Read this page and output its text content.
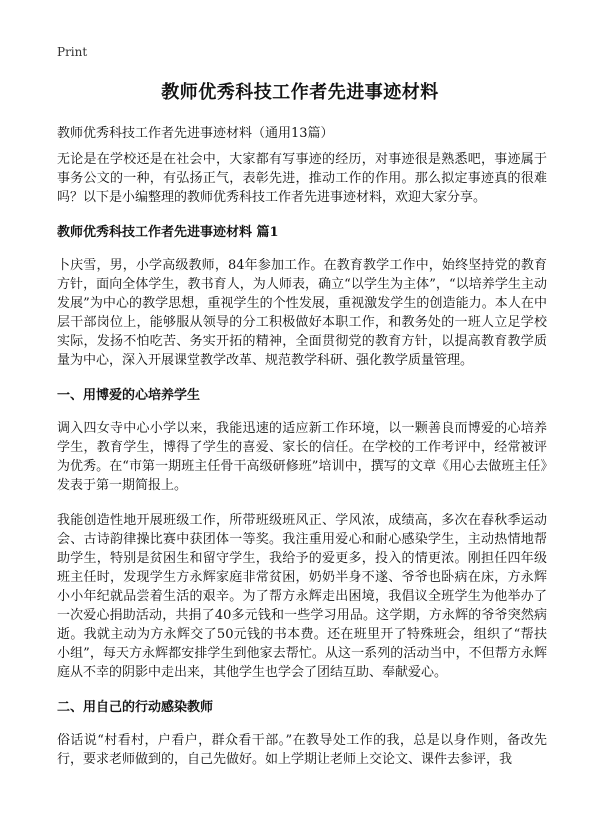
Print
教师优秀科技工作者先进事迹材料
教师优秀科技工作者先进事迹材料（通用13篇）

无论是在学校还是在社会中，大家都有写事迹的经历，对事迹很是熟悉吧，事迹属于事务公文的一种，有弘扬正气，表彰先进，推动工作的作用。那么拟定事迹真的很难吗？以下是小编整理的教师优秀科技工作者先进事迹材料，欢迎大家分享。

教师优秀科技工作者先进事迹材料 篇1

卜庆雪，男，小学高级教师，84年参加工作。在教育教学工作中，始终坚持党的教育方针，面向全体学生，教书育人，为人师表，确立“以学生为主体”，“以培养学生主动发展”为中心的教学思想，重视学生的个性发展，重视激发学生的创造能力。本人在中层干部岗位上，能够服从领导的分工积极做好本职工作，和教务处的一班人立足学校实际，发扬不怕吃苦、务实开拓的精神，全面贯彻党的教育方针，以提高教育教学质量为中心，深入开展课堂教学改革、规范教学科研、强化教学质量管理。

一、用博爱的心培养学生

调入四女寺中心小学以来，我能迅速的适应新工作环境，以一颗善良而博爱的心培养学生，教育学生，博得了学生的喜爱、家长的信任。在学校的工作考评中，经常被评为优秀。在“市第一期班主任骨干高级研修班”培训中，撰写的文章《用心去做班主任》发表于第一期简报上。

我能创造性地开展班级工作，所带班级班风正、学风浓，成绩高，多次在春秋季运动会、古诗韵律操比赛中获团体一等奖。我注重用爱心和耐心感染学生，主动热情地帮助学生，特别是贫困生和留守学生，我给予的爱更多，投入的情更浓。刚担任四年级班主任时，发现学生方永辉家庭非常贫困，奶奶半身不遂、爷爷也卧病在床，方永辉小小年纪就品尝着生活的艰辛。为了帮方永辉走出困境，我倡议全班学生为他举办了一次爱心捐助活动，共捐了40多元钱和一些学习用品。这学期，方永辉的爷爷突然病逝。我就主动为方永辉交了50元钱的书本费。还在班里开了特殊班会，组织了“帮扶小组”，每天方永辉都安排学生到他家去帮忙。从这一系列的活动当中，不但帮方永辉庭从不幸的阴影中走出来，其他学生也学会了团结互助、奉献爱心。

二、用自己的行动感染教师

俗话说“村看村，户看户，群众看干部。”在教导处工作的我，总是以身作则，备改先行，要求老师做到的，自己先做好。如上学期让老师上交论文、课件去参评，我
